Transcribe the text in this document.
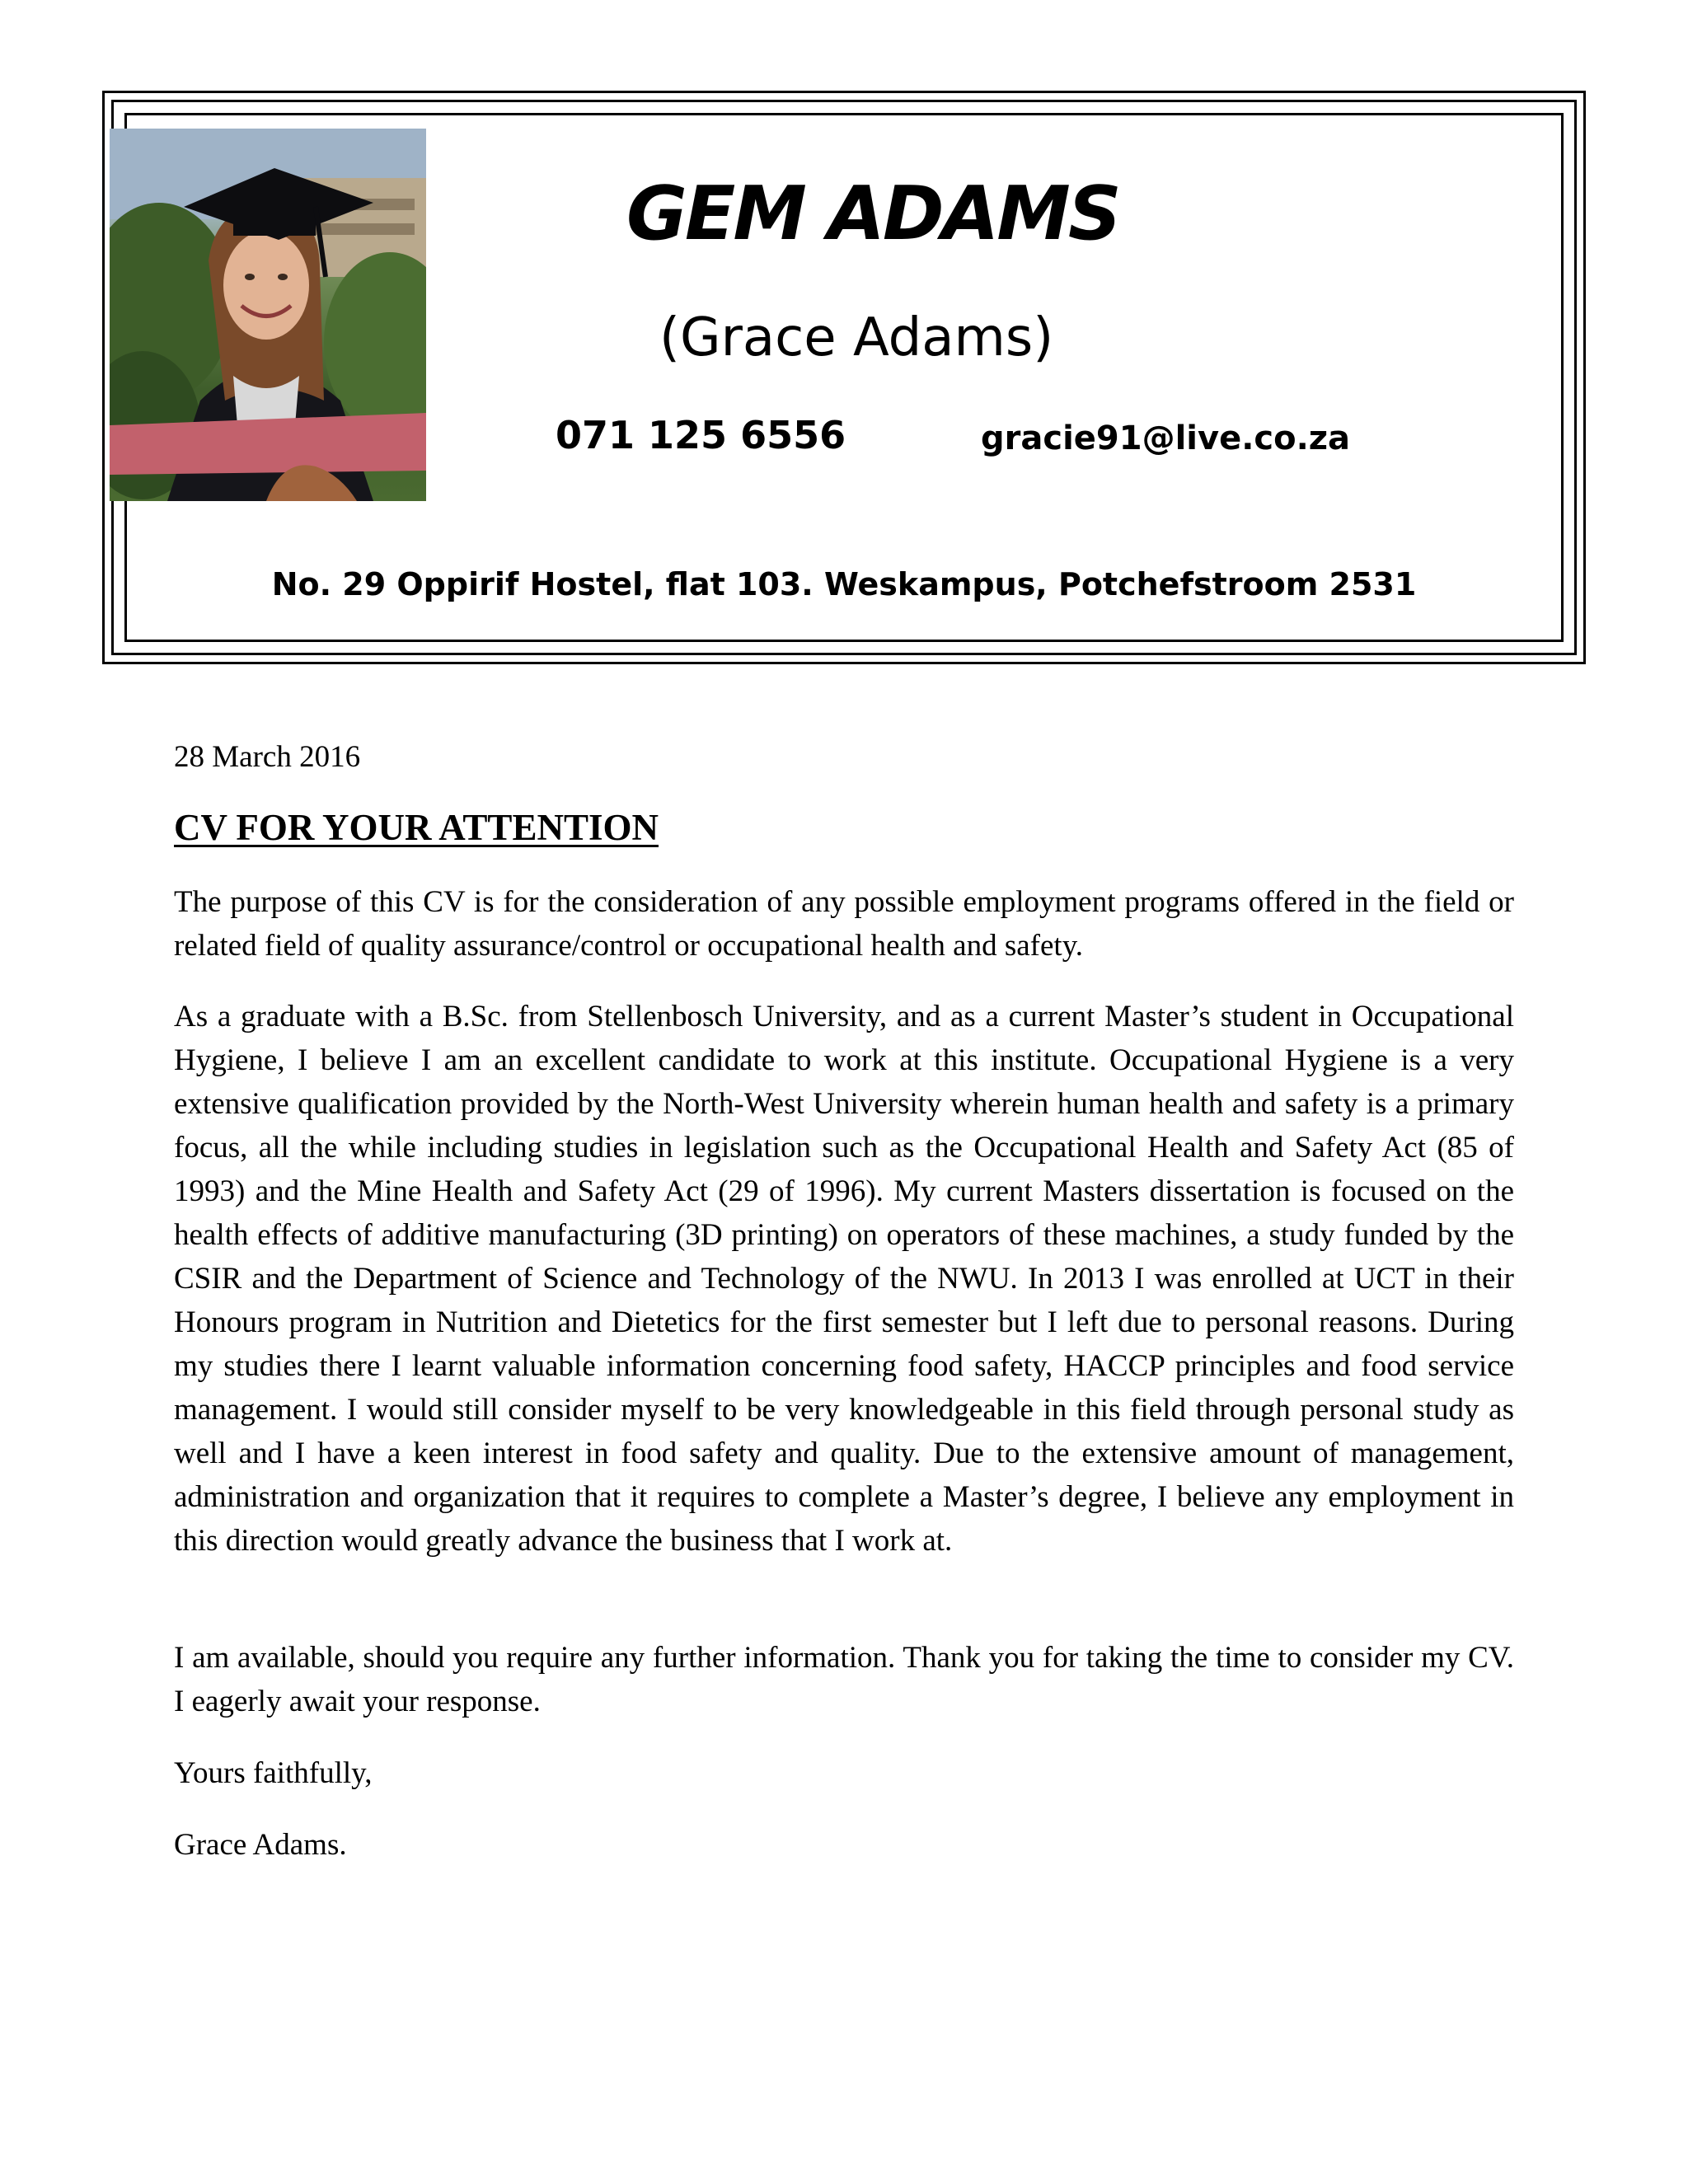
GEM ADAMS
(Grace Adams)
071 125 6556	gracie91@live.co.za
No. 29 Oppirif Hostel, flat 103. Weskampus, Potchefstroom 2531
28 March 2016
CV FOR YOUR ATTENTION
The purpose of this CV is for the consideration of any possible employment programs offered in the field or related field of quality assurance/control or occupational health and safety.
As a graduate with a B.Sc. from Stellenbosch University, and as a current Master’s student in Occupational Hygiene, I believe I am an excellent candidate to work at this institute. Occupational Hygiene is a very extensive qualification provided by the North-West University wherein human health and safety is a primary focus, all the while including studies in legislation such as the Occupational Health and Safety Act (85 of 1993) and the Mine Health and Safety Act (29 of 1996). My current Masters dissertation is focused on the health effects of additive manufacturing (3D printing) on operators of these machines, a study funded by the CSIR and the Department of Science and Technology of the NWU. In 2013 I was enrolled at UCT in their Honours program in Nutrition and Dietetics for the first semester but I left due to personal reasons. During my studies there I learnt valuable information concerning food safety, HACCP principles and food service management. I would still consider myself to be very knowledgeable in this field through personal study as well and I have a keen interest in food safety and quality. Due to the extensive amount of management, administration and organization that it requires to complete a Master’s degree, I believe any employment in this direction would greatly advance the business that I work at.
I am available, should you require any further information. Thank you for taking the time to consider my CV. I eagerly await your response.
Yours faithfully,
Grace Adams.
